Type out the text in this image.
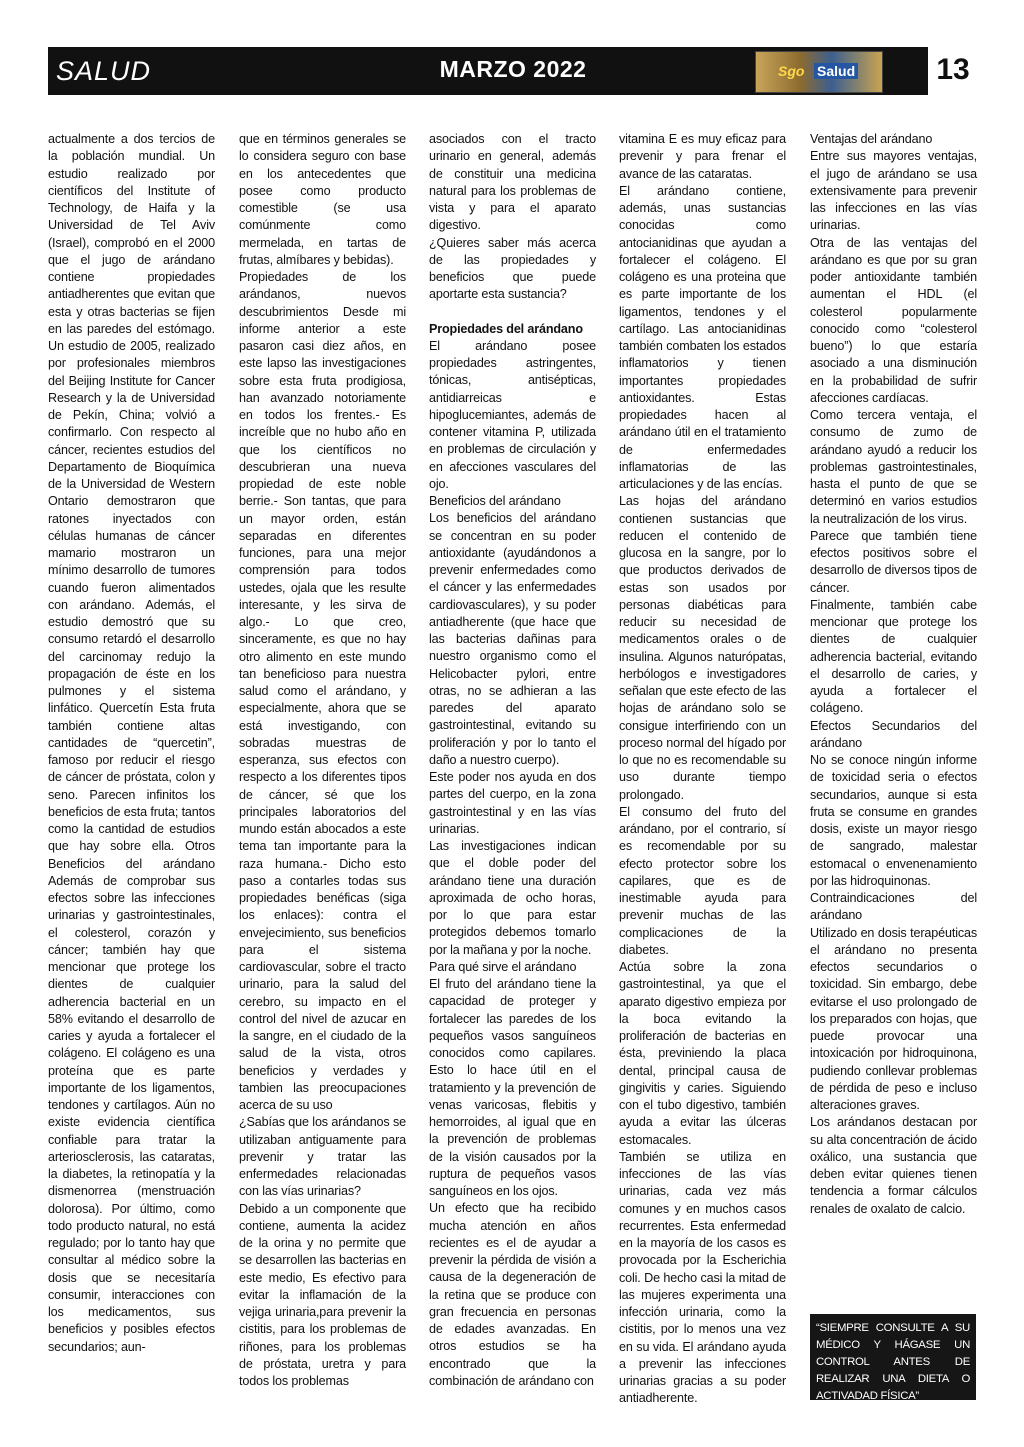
SALUD	MARZO 2022	Sgo Salud	13

actualmente a dos tercios de la población mundial. Un estudio realizado por científicos del Institute of Technology, de Haifa y la Universidad de Tel Aviv (Israel), comprobó en el 2000 que el jugo de arándano contiene propiedades antiadherentes que evitan que esta y otras bacterias se fijen en las paredes del estómago. Un estudio de 2005, realizado por profesionales miembros del Beijing Institute for Cancer Research y la de Universidad de Pekín, China; volvió a confirmarlo. Con respecto al cáncer, recientes estudios del Departamento de Bioquímica de la Universidad de Western Ontario demostraron que ratones inyectados con células humanas de cáncer mamario mostraron un mínimo desarrollo de tumores cuando fueron alimentados con arándano. Además, el estudio demostró que su consumo retardó el desarrollo del carcinomay redujo la propagación de éste en los pulmones y el sistema linfático. Quercetín Esta fruta también contiene altas cantidades de “quercetin”, famoso por reducir el riesgo de cáncer de próstata, colon y seno. Parecen infinitos los beneficios de esta fruta; tantos como la cantidad de estudios que hay sobre ella. Otros Beneficios del arándano Además de comprobar sus efectos sobre las infecciones urinarias y gastrointestinales, el colesterol, corazón y cáncer; también hay que mencionar que protege los dientes de cualquier adherencia bacterial en un 58% evitando el desarrollo de caries y ayuda a fortalecer el colágeno. El colágeno es una proteína que es parte importante de los ligamentos, tendones y cartílagos. Aún no existe evidencia científica confiable para tratar la arteriosclerosis, las cataratas, la diabetes, la retinopatía y la dismenorrea (menstruación dolorosa). Por último, como todo producto natural, no está regulado; por lo tanto hay que consultar al médico sobre la dosis que se necesitaría consumir, interacciones con los medicamentos, sus beneficios y posibles efectos secundarios; aun-

que en términos generales se lo considera seguro con base en los antecedentes que posee como producto comestible (se usa comúnmente como mermelada, en tartas de frutas, almíbares y bebidas).

Propiedades de los arándanos, nuevos descubrimientos Desde mi informe anterior a este pasaron casi diez años, en este lapso las investigaciones sobre esta fruta prodigiosa, han avanzado notoriamente en todos los frentes.- Es increíble que no hubo año en que los científicos no descubrieran una nueva propiedad de este noble berrie.- Son tantas, que para un mayor orden, están separadas en diferentes funciones, para una mejor comprensión para todos ustedes, ojala que les resulte interesante, y les sirva de algo.- Lo que creo, sinceramente, es que no hay otro alimento en este mundo tan beneficioso para nuestra salud como el arándano, y especialmente, ahora que se está investigando, con sobradas muestras de esperanza, sus efectos con respecto a los diferentes tipos de cáncer, sé que los principales laboratorios del mundo están abocados a este tema tan importante para la raza humana.- Dicho esto paso a contarles todas sus propiedades benéficas (siga los enlaces): contra el envejecimiento, sus beneficios para el sistema cardiovascular, sobre el tracto urinario, para la salud del cerebro, su impacto en el control del nivel de azucar en la sangre, en el ciudado de la salud de la vista, otros beneficios y verdades y tambien las preocupaciones acerca de su uso

¿Sabías que los arándanos se utilizaban antiguamente para prevenir y tratar las enfermedades relacionadas con las vías urinarias?

Debido a un componente que contiene, aumenta la acidez de la orina y no permite que se desarrollen las bacterias en este medio, Es efectivo para evitar la inflamación de la vejiga urinaria,para prevenir la cistitis, para los problemas de riñones, para los problemas de próstata, uretra y para todos los problemas

asociados con el tracto urinario en general, además de constituir una medicina natural para los problemas de vista y para el aparato digestivo.

¿Quieres saber más acerca de las propiedades y beneficios que puede aportarte esta sustancia?

Propiedades del arándano

El arándano posee propiedades astringentes, tónicas, antisépticas, antidiarreicas e hipoglucemiantes, además de contener vitamina P, utilizada en problemas de circulación y en afecciones vasculares del ojo.

Beneficios del arándano

Los beneficios del arándano se concentran en su poder antioxidante (ayudándonos a prevenir enfermedades como el cáncer y las enfermedades cardiovasculares), y su poder antiadherente (que hace que las bacterias dañinas para nuestro organismo como el Helicobacter pylori, entre otras, no se adhieran a las paredes del aparato gastrointestinal, evitando su proliferación y por lo tanto el daño a nuestro cuerpo).

Este poder nos ayuda en dos partes del cuerpo, en la zona gastrointestinal y en las vías urinarias.

Las investigaciones indican que el doble poder del arándano tiene una duración aproximada de ocho horas, por lo que para estar protegidos debemos tomarlo por la mañana y por la noche.

Para qué sirve el arándano

El fruto del arándano tiene la capacidad de proteger y fortalecer las paredes de los pequeños vasos sanguíneos conocidos como capilares. Esto lo hace útil en el tratamiento y la prevención de venas varicosas, flebitis y hemorroides, al igual que en la prevención de problemas de la visión causados por la ruptura de pequeños vasos sanguíneos en los ojos.

Un efecto que ha recibido mucha atención en años recientes es el de ayudar a prevenir la pérdida de visión a causa de la degeneración de la retina que se produce con gran frecuencia en personas de edades avanzadas. En otros estudios se ha encontrado que la combinación de arándano con

vitamina E es muy eficaz para prevenir y para frenar el avance de las cataratas.

El arándano contiene, además, unas sustancias conocidas como antocianidinas que ayudan a fortalecer el colágeno. El colágeno es una proteina que es parte importante de los ligamentos, tendones y el cartílago. Las antocianidinas también combaten los estados inflamatorios y tienen importantes propiedades antioxidantes. Estas propiedades hacen al arándano útil en el tratamiento de enfermedades inflamatorias de las articulaciones y de las encías.

Las hojas del arándano contienen sustancias que reducen el contenido de glucosa en la sangre, por lo que productos derivados de estas son usados por personas diabéticas para reducir su necesidad de medicamentos orales o de insulina. Algunos naturópatas, herbólogos e investigadores señalan que este efecto de las hojas de arándano solo se consigue interfiriendo con un proceso normal del hígado por lo que no es recomendable su uso durante tiempo prolongado.

El consumo del fruto del arándano, por el contrario, sí es recomendable por su efecto protector sobre los capilares, que es de inestimable ayuda para prevenir muchas de las complicaciones de la diabetes.

Actúa sobre la zona gastrointestinal, ya que el aparato digestivo empieza por la boca evitando la proliferación de bacterias en ésta, previniendo la placa dental, principal causa de gingivitis y caries. Siguiendo con el tubo digestivo, también ayuda a evitar las úlceras estomacales.

También se utiliza en infecciones de las vías urinarias, cada vez más comunes y en muchos casos recurrentes. Esta enfermedad en la mayoría de los casos es provocada por la Escherichia coli. De hecho casi la mitad de las mujeres experimenta una infección urinaria, como la cistitis, por lo menos una vez en su vida. El arándano ayuda a prevenir las infecciones urinarias gracias a su poder antiadherente.

Ventajas del arándano

Entre sus mayores ventajas, el jugo de arándano se usa extensivamente para prevenir las infecciones en las vías urinarias.

Otra de las ventajas del arándano es que por su gran poder antioxidante también aumentan el HDL (el colesterol popularmente conocido como “colesterol bueno”) lo que estaría asociado a una disminución en la probabilidad de sufrir afecciones cardíacas.

Como tercera ventaja, el consumo de zumo de arándano ayudó a reducir los problemas gastrointestinales, hasta el punto de que se determinó en varios estudios la neutralización de los virus.

Parece que también tiene efectos positivos sobre el desarrollo de diversos tipos de cáncer.

Finalmente, también cabe mencionar que protege los dientes de cualquier adherencia bacterial, evitando el desarrollo de caries, y ayuda a fortalecer el colágeno.

Efectos Secundarios del arándano

No se conoce ningún informe de toxicidad seria o efectos secundarios, aunque si esta fruta se consume en grandes dosis, existe un mayor riesgo de sangrado, malestar estomacal o envenenamiento por las hidroquinonas.

Contraindicaciones del arándano

Utilizado en dosis terapéuticas el arándano no presenta efectos secundarios o toxicidad. Sin embargo, debe evitarse el uso prolongado de los preparados con hojas, que puede provocar una intoxicación por hidroquinona, pudiendo conllevar problemas de pérdida de peso e incluso alteraciones graves.

Los arándanos destacan por su alta concentración de ácido oxálico, una sustancia que deben evitar quienes tienen tendencia a formar cálculos renales de oxalato de calcio.

“SIEMPRE CONSULTE A SU MÉDICO Y HÁGASE UN CONTROL ANTES DE REALIZAR UNA DIETA O ACTIVADAD FÍSICA”
